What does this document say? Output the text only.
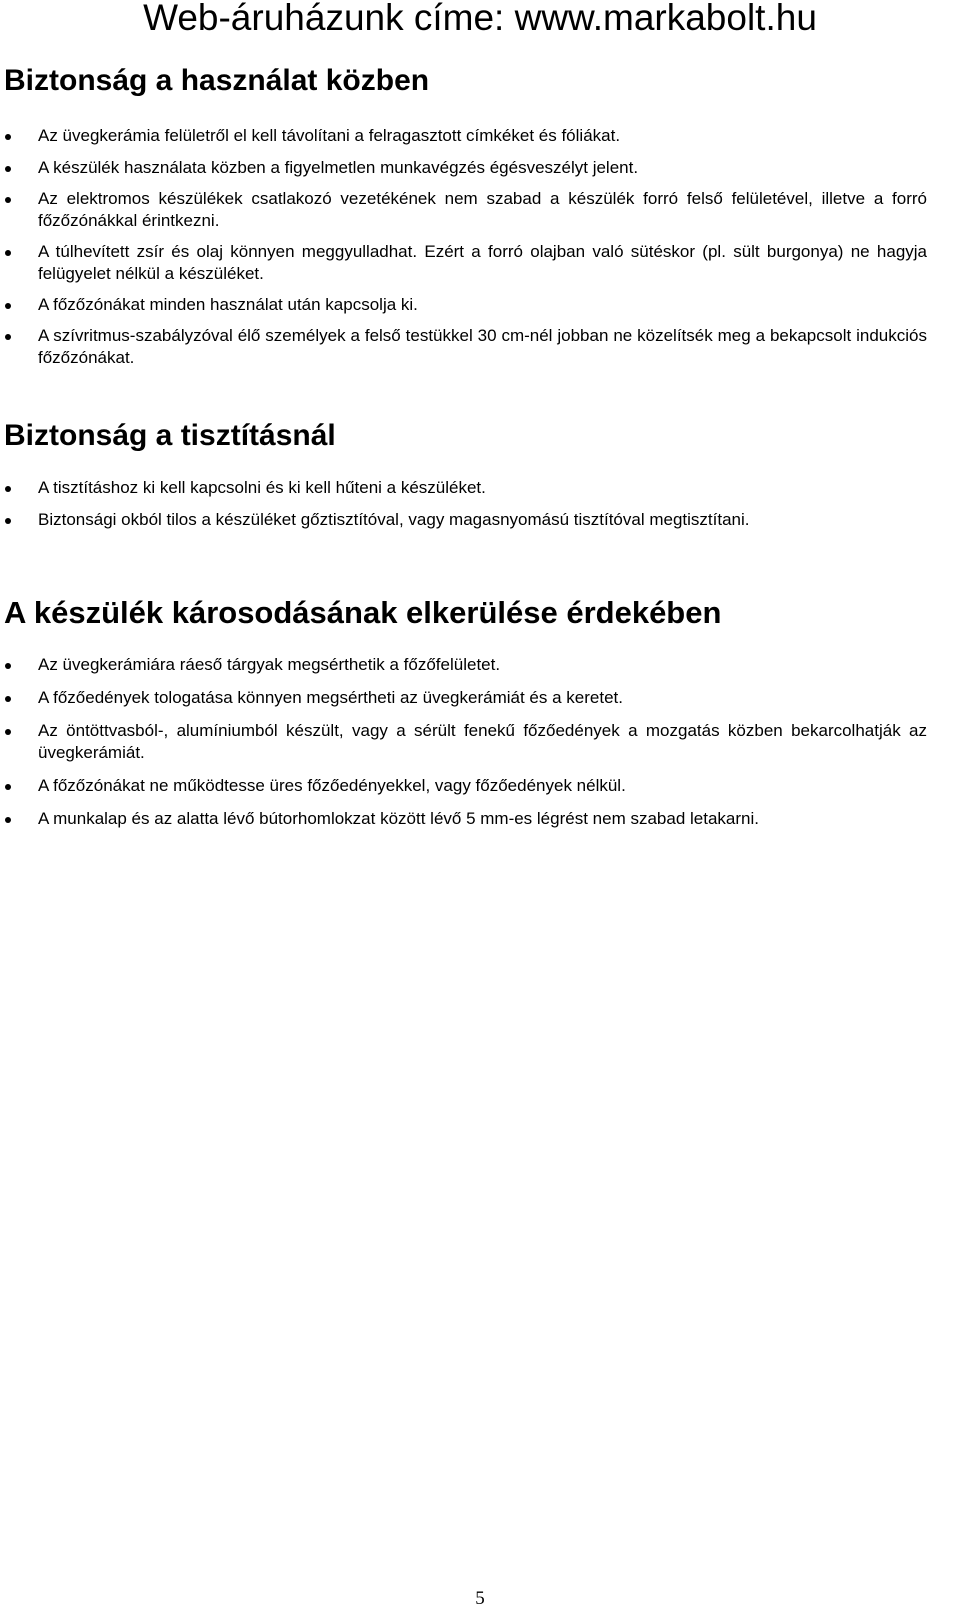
Web-áruházunk címe: www.markabolt.hu
Biztonság a használat közben
Az üvegkerámia felületről el kell távolítani a felragasztott címkéket és fóliákat.
A készülék használata közben a figyelmetlen munkavégzés égésveszélyt jelent.
Az elektromos készülékek csatlakozó vezetékének nem szabad a készülék forró felső felületével, illetve a forró főzőzónákkal érintkezni.
A túlhevített zsír és olaj könnyen meggyulladhat. Ezért a forró olajban való sütéskor (pl. sült burgonya) ne hagyja felügyelet nélkül a készüléket.
A főzőzónákat minden használat után kapcsolja ki.
A szívritmus-szabályzóval élő személyek a felső testükkel 30 cm-nél jobban ne közelítsék meg a bekapcsolt indukciós főzőzónákat.
Biztonság a tisztításnál
A tisztításhoz ki kell kapcsolni és ki kell hűteni a készüléket.
Biztonsági okból tilos a készüléket gőztisztítóval, vagy magasnyomású tisztítóval megtisztítani.
A készülék károsodásának elkerülése érdekében
Az üvegkerámiára ráeső tárgyak megsérthetik a főzőfelületet.
A főzőedények tologatása könnyen megsértheti az üvegkerámiát és a keretet.
Az öntöttvasból-, alumíniumból készült, vagy a sérült fenekű főzőedények a mozgatás közben bekarcolhatják az üvegkerámiát.
A főzőzónákat ne működtesse üres főzőedényekkel, vagy főzőedények nélkül.
A munkalap és az alatta lévő bútorhomlokzat között lévő 5 mm-es légrést nem szabad letakarni.
5
